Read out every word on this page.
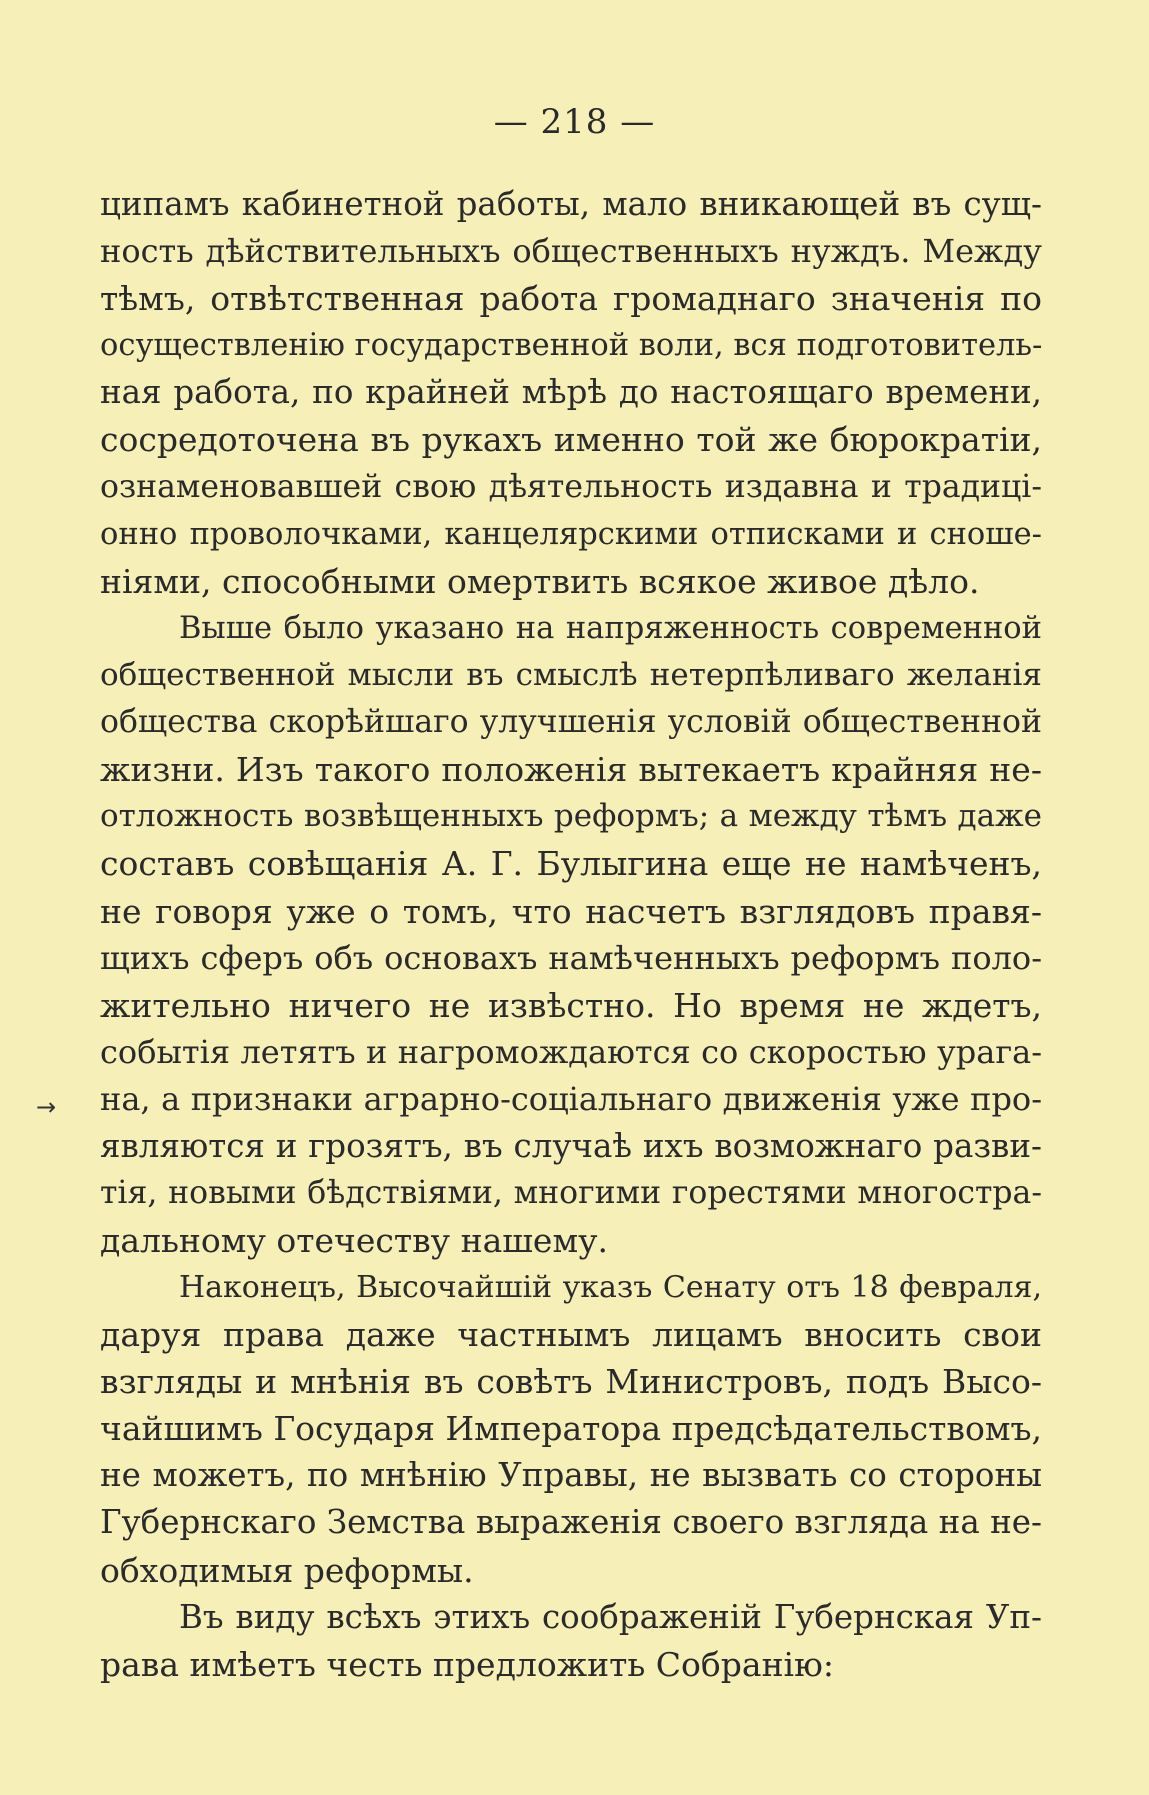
— 218 —
→
ципамъ кабинетной работы, мало вникающей въ сущ-
ность дѣйствительныхъ общественныхъ нуждъ. Между
тѣмъ, отвѣтственная работа громаднаго значенія по
осуществленію государственной воли, вся подготовитель-
ная работа, по крайней мѣрѣ до настоящаго времени,
сосредоточена въ рукахъ именно той же бюрократіи,
ознаменовавшей свою дѣятельность издавна и традиці-
онно проволочками, канцелярскими отписками и снoше-
ніями, способными омертвить всякое живое дѣло.
Выше было указано на напряженность современной
общественной мысли въ смыслѣ нетерпѣливаго желанія
общества скорѣйшаго улучшенія условій общественной
жизни. Изъ такого положенія вытекаетъ крайняя не-
отложность возвѣщенныхъ реформъ; а между тѣмъ даже
составъ совѣщанія А. Г. Булыгина еще не намѣченъ,
не говоря уже о томъ, что насчетъ взглядовъ правя-
щихъ сферъ объ основахъ намѣченныхъ реформъ поло-
жительно ничего не извѣстно. Но время не ждетъ,
событія летятъ и нагромождаются со скоростью урага-
на, а признаки аграрно-соціальнаго движенія уже про-
являются и грозятъ, въ случаѣ ихъ возможнаго разви-
тія, новыми бѣдствіями, многими горестями многостра-
дальному отечеству нашему.
Наконецъ, Высочайшій указъ Сенату отъ 18 февраля,
даруя права даже частнымъ лицамъ вносить свои
взгляды и мнѣнія въ совѣтъ Министровъ, подъ Высо-
чайшимъ Государя Императора предсѣдательствомъ,
не можетъ, по мнѣнію Управы, не вызвать со стороны
Губернскаго Земства выраженія своего взгляда на не-
обходимыя реформы.
Въ виду всѣхъ этихъ соображеній Губернская Уп-
рава имѣетъ честь предложить Собранію:
